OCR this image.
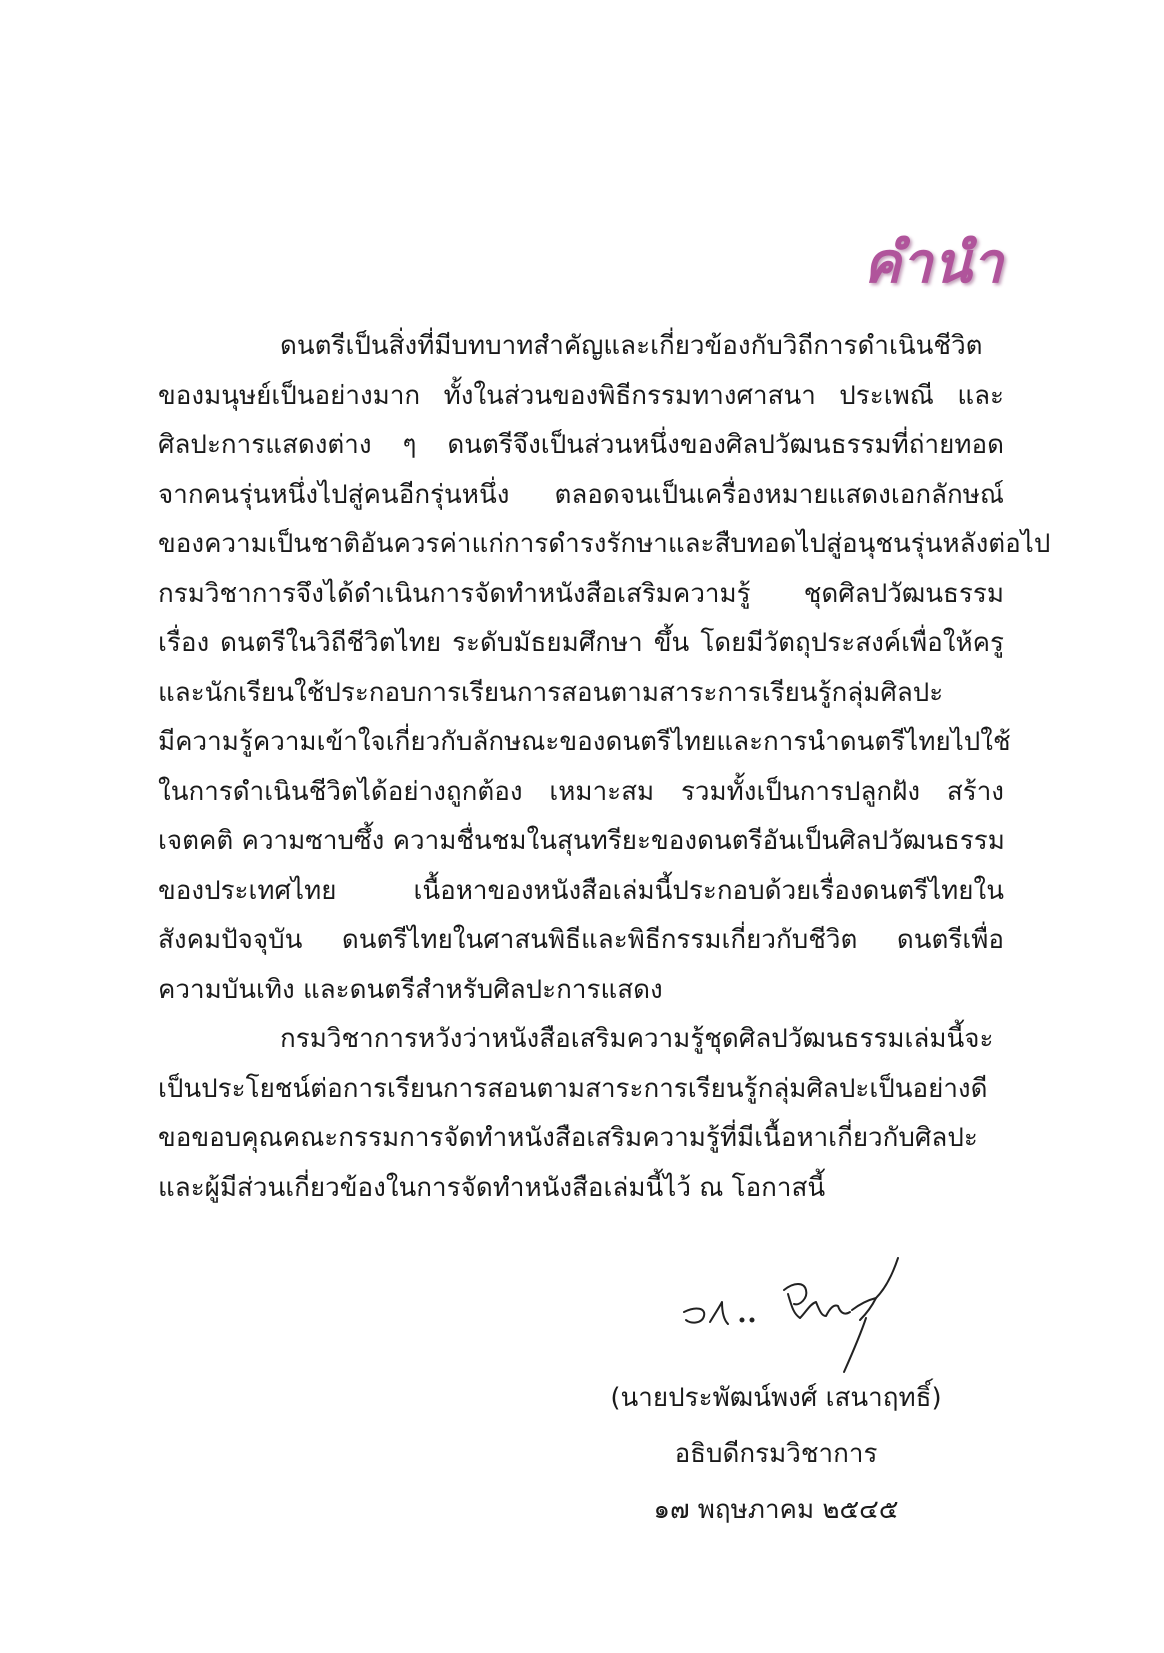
คำนำ
ดนตรีเป็นสิ่งที่มีบทบาทสำคัญและเกี่ยวข้องกับวิถีการดำเนินชีวิต
ของมนุษย์เป็นอย่างมาก ทั้งในส่วนของพิธีกรรมทางศาสนา ประเพณี และ
ศิลปะการแสดงต่าง ๆ ดนตรีจึงเป็นส่วนหนึ่งของศิลปวัฒนธรรมที่ถ่ายทอด
จากคนรุ่นหนึ่งไปสู่คนอีกรุ่นหนึ่ง ตลอดจนเป็นเครื่องหมายแสดงเอกลักษณ์
ของความเป็นชาติอันควรค่าแก่การดำรงรักษาและสืบทอดไปสู่อนุชนรุ่นหลังต่อไป
กรมวิชาการจึงได้ดำเนินการจัดทำหนังสือเสริมความรู้ ชุดศิลปวัฒนธรรม
เรื่อง ดนตรีในวิถีชีวิตไทย ระดับมัธยมศึกษา ขึ้น โดยมีวัตถุประสงค์เพื่อให้ครู
และนักเรียนใช้ประกอบการเรียนการสอนตามสาระการเรียนรู้กลุ่มศิลปะ
มีความรู้ความเข้าใจเกี่ยวกับลักษณะของดนตรีไทยและการนำดนตรีไทยไปใช้
ในการดำเนินชีวิตได้อย่างถูกต้อง เหมาะสม รวมทั้งเป็นการปลูกฝัง สร้าง
เจตคติ ความซาบซึ้ง ความชื่นชมในสุนทรียะของดนตรีอันเป็นศิลปวัฒนธรรม
ของประเทศไทย เนื้อหาของหนังสือเล่มนี้ประกอบด้วยเรื่องดนตรีไทยใน
สังคมปัจจุบัน ดนตรีไทยในศาสนพิธีและพิธีกรรมเกี่ยวกับชีวิต ดนตรีเพื่อ
ความบันเทิง และดนตรีสำหรับศิลปะการแสดง
กรมวิชาการหวังว่าหนังสือเสริมความรู้ชุดศิลปวัฒนธรรมเล่มนี้จะ
เป็นประโยชน์ต่อการเรียนการสอนตามสาระการเรียนรู้กลุ่มศิลปะเป็นอย่างดี
ขอขอบคุณคณะกรรมการจัดทำหนังสือเสริมความรู้ที่มีเนื้อหาเกี่ยวกับศิลปะ
และผู้มีส่วนเกี่ยวข้องในการจัดทำหนังสือเล่มนี้ไว้ ณ โอกาสนี้
(นายประพัฒน์พงศ์ เสนาฤทธิ์)
อธิบดีกรมวิชาการ
๑๗ พฤษภาคม ๒๕๔๕
